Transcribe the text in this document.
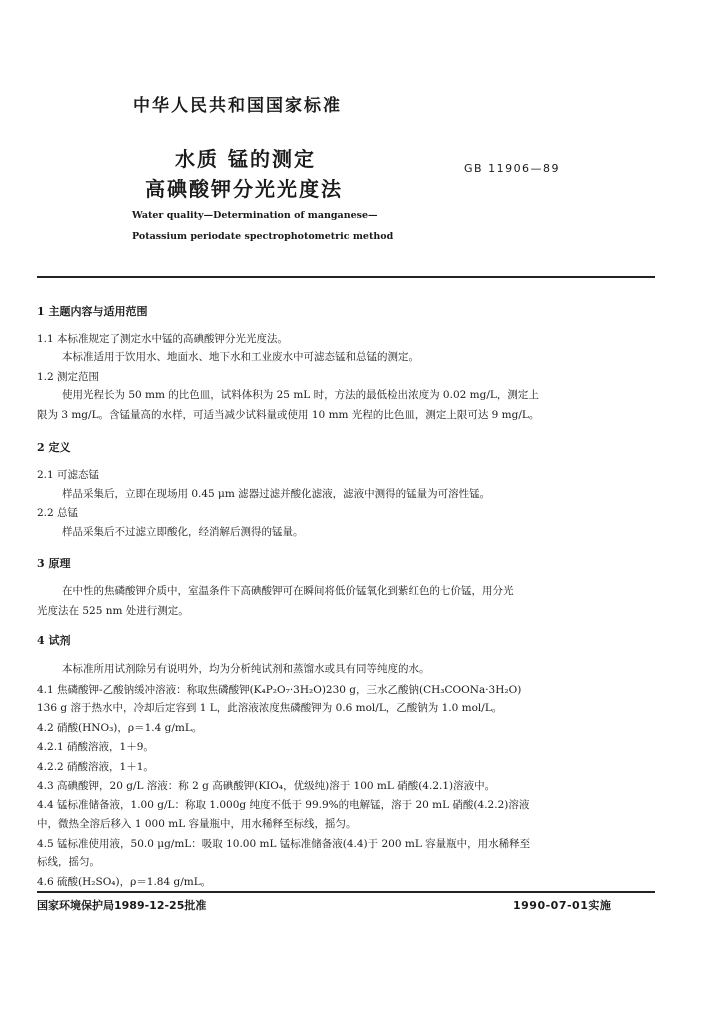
中华人民共和国国家标准
水质 锰的测定
高碘酸钾分光光度法
GB 11906—89
Water quality—Determination of manganese—
Potassium periodate spectrophotometric method
1 主题内容与适用范围
1.1 本标准规定了测定水中锰的高碘酸钾分光光度法。
本标准适用于饮用水、地面水、地下水和工业废水中可滤态锰和总锰的测定。
1.2 测定范围
使用光程长为 50 mm 的比色皿，试料体积为 25 mL 时，方法的最低检出浓度为 0.02 mg/L，测定上
限为 3 mg/L。含锰量高的水样，可适当减少试料量或使用 10 mm 光程的比色皿，测定上限可达 9 mg/L。
2 定义
2.1 可滤态锰
样品采集后，立即在现场用 0.45 μm 滤器过滤并酸化滤液，滤液中测得的锰量为可溶性锰。
2.2 总锰
样品采集后不过滤立即酸化，经消解后测得的锰量。
3 原理
在中性的焦磷酸钾介质中，室温条件下高碘酸钾可在瞬间将低价锰氧化到紫红色的七价锰，用分光
光度法在 525 nm 处进行测定。
4 试剂
本标准所用试剂除另有说明外，均为分析纯试剂和蒸馏水或具有同等纯度的水。
4.1 焦磷酸钾-乙酸钠缓冲溶液：称取焦磷酸钾(K₄P₂O₇·3H₂O)230 g，三水乙酸钠(CH₃COONa·3H₂O)
136 g 溶于热水中，冷却后定容到 1 L，此溶液浓度焦磷酸钾为 0.6 mol/L，乙酸钠为 1.0 mol/L。
4.2 硝酸(HNO₃)，ρ＝1.4 g/mL。
4.2.1 硝酸溶液，1＋9。
4.2.2 硝酸溶液，1＋1。
4.3 高碘酸钾，20 g/L 溶液：称 2 g 高碘酸钾(KIO₄，优级纯)溶于 100 mL 硝酸(4.2.1)溶液中。
4.4 锰标准储备液，1.00 g/L：称取 1.000g 纯度不低于 99.9%的电解锰，溶于 20 mL 硝酸(4.2.2)溶液
中，微热全溶后移入 1 000 mL 容量瓶中，用水稀释至标线，摇匀。
4.5 锰标准使用液，50.0 μg/mL：吸取 10.00 mL 锰标准储备液(4.4)于 200 mL 容量瓶中，用水稀释至
标线，摇匀。
4.6 硫酸(H₂SO₄)，ρ＝1.84 g/mL。
国家环境保护局1989-12-25批准	1990-07-01实施
